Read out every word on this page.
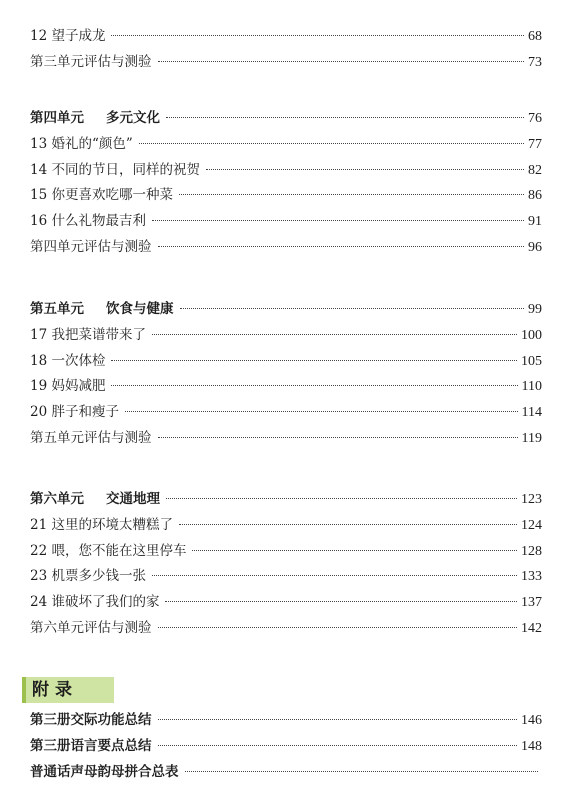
12 望子成龙	68
第三单元评估与测验	73
第四单元 多元文化	76
13 婚礼的“颜色”	77
14 不同的节日，同样的祝贺	82
15 你更喜欢吃哪一种菜	86
16 什么礼物最吉利	91
第四单元评估与测验	96
第五单元 饮食与健康	99
17 我把菜谱带来了	100
18 一次体检	105
19 妈妈减肥	110
20 胖子和瘦子	114
第五单元评估与测验	119
第六单元 交通地理	123
21 这里的环境太糟糕了	124
22 喂，您不能在这里停车	128
23 机票多少钱一张	133
24 谁破坏了我们的家	137
第六单元评估与测验	142
附录
第三册交际功能总结	146
第三册语言要点总结	148
普通话声母韵母拼合总表
